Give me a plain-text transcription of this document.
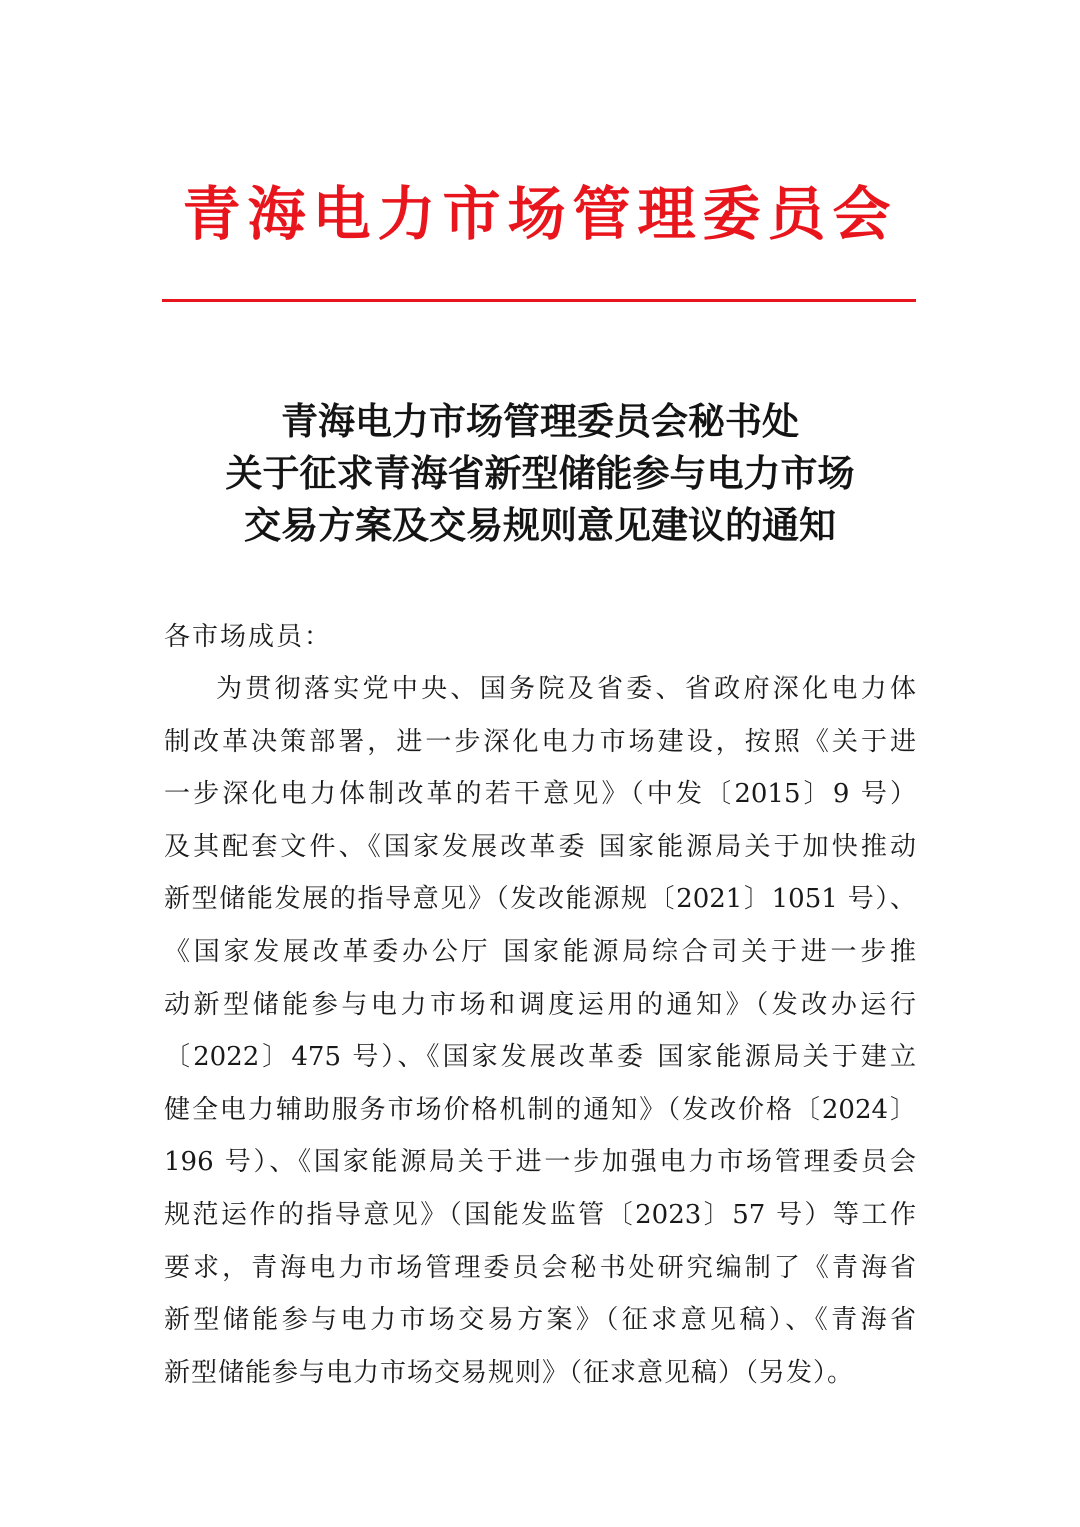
青海电力市场管理委员会
青海电力市场管理委员会秘书处
关于征求青海省新型储能参与电力市场
交易方案及交易规则意见建议的通知
各市场成员：
为贯彻落实党中央、国务院及省委、省政府深化电力体
制改革决策部署，进一步深化电力市场建设，按照《关于进
一步深化电力体制改革的若干意见》（中发〔2015〕9 号）
及其配套文件、《国家发展改革委 国家能源局关于加快推动
新型储能发展的指导意见》（发改能源规〔2021〕1051 号）、
《国家发展改革委办公厅 国家能源局综合司关于进一步推
动新型储能参与电力市场和调度运用的通知》（发改办运行
〔2022〕475 号）、《国家发展改革委 国家能源局关于建立
健全电力辅助服务市场价格机制的通知》（发改价格〔2024〕
196 号）、《国家能源局关于进一步加强电力市场管理委员会
规范运作的指导意见》（国能发监管〔2023〕57 号）等工作
要求，青海电力市场管理委员会秘书处研究编制了《青海省
新型储能参与电力市场交易方案》（征求意见稿）、《青海省
新型储能参与电力市场交易规则》（征求意见稿）（另发）。
